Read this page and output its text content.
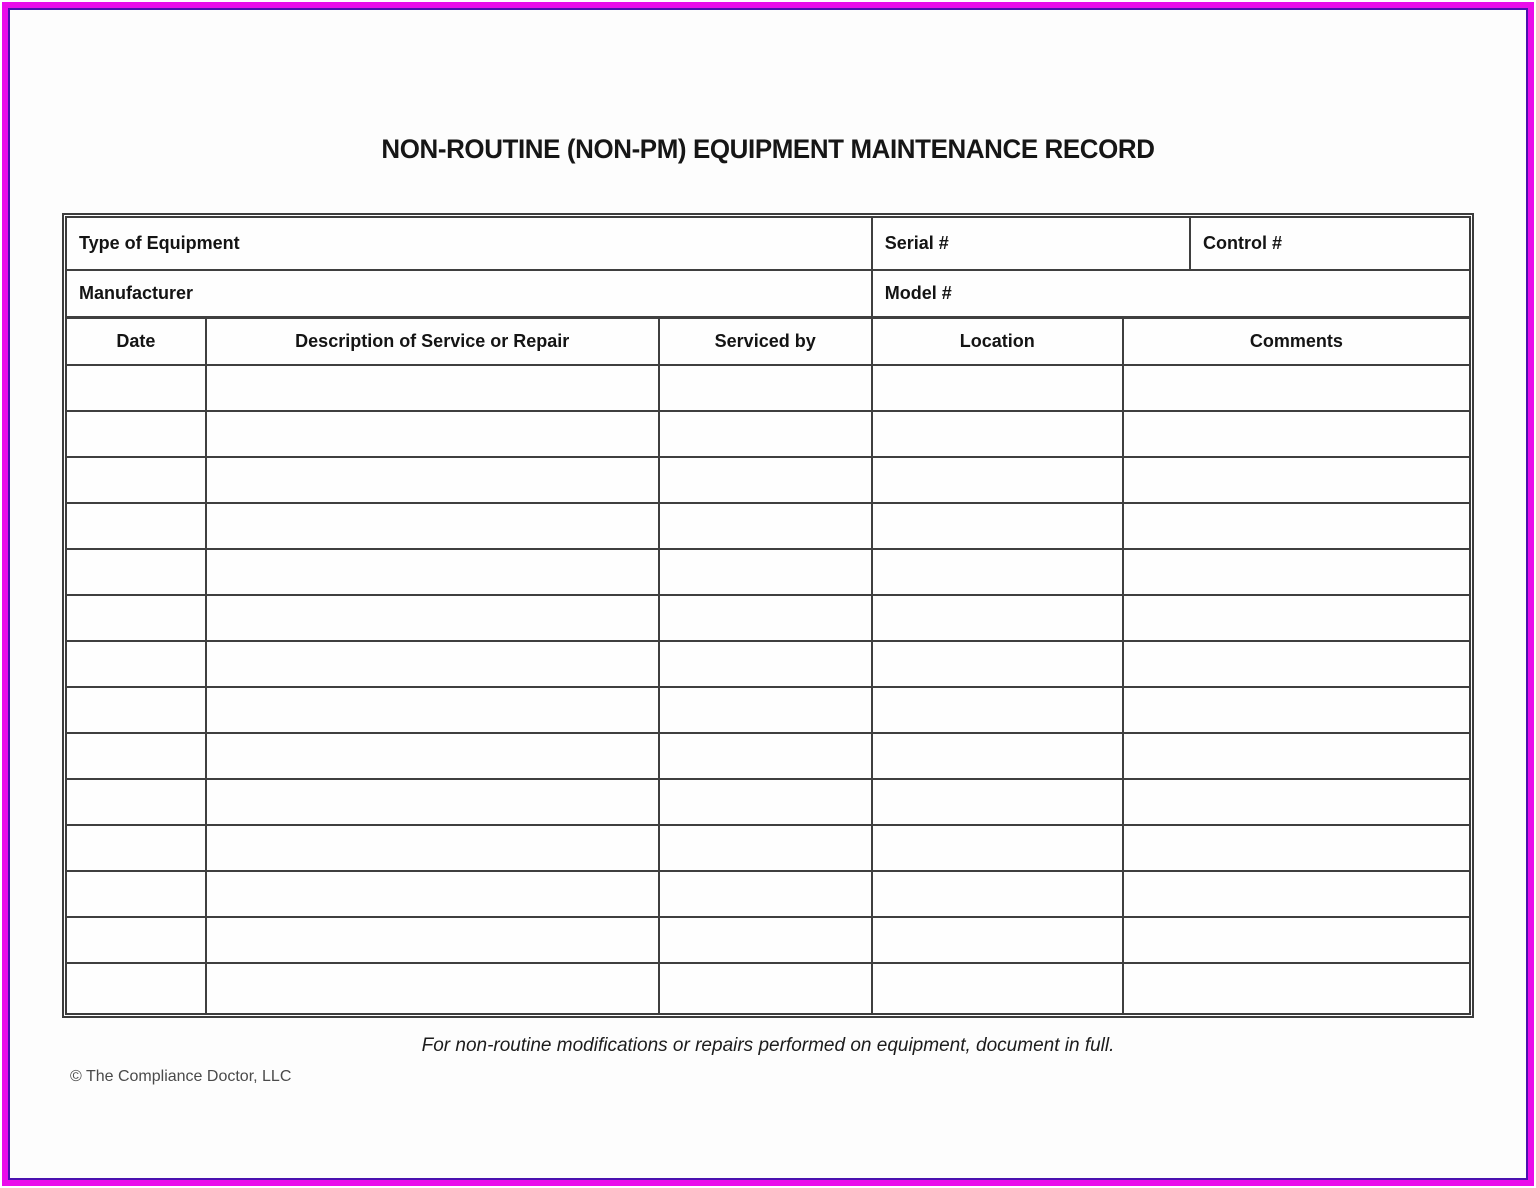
NON-ROUTINE (NON-PM) EQUIPMENT MAINTENANCE RECORD
Type of Equipment	Serial #	Control #
Manufacturer	Model #	
Date	Description of Service or Repair	Serviced by	Location	Comments

For non-routine modifications or repairs performed on equipment, document in full.
© The Compliance Doctor, LLC
